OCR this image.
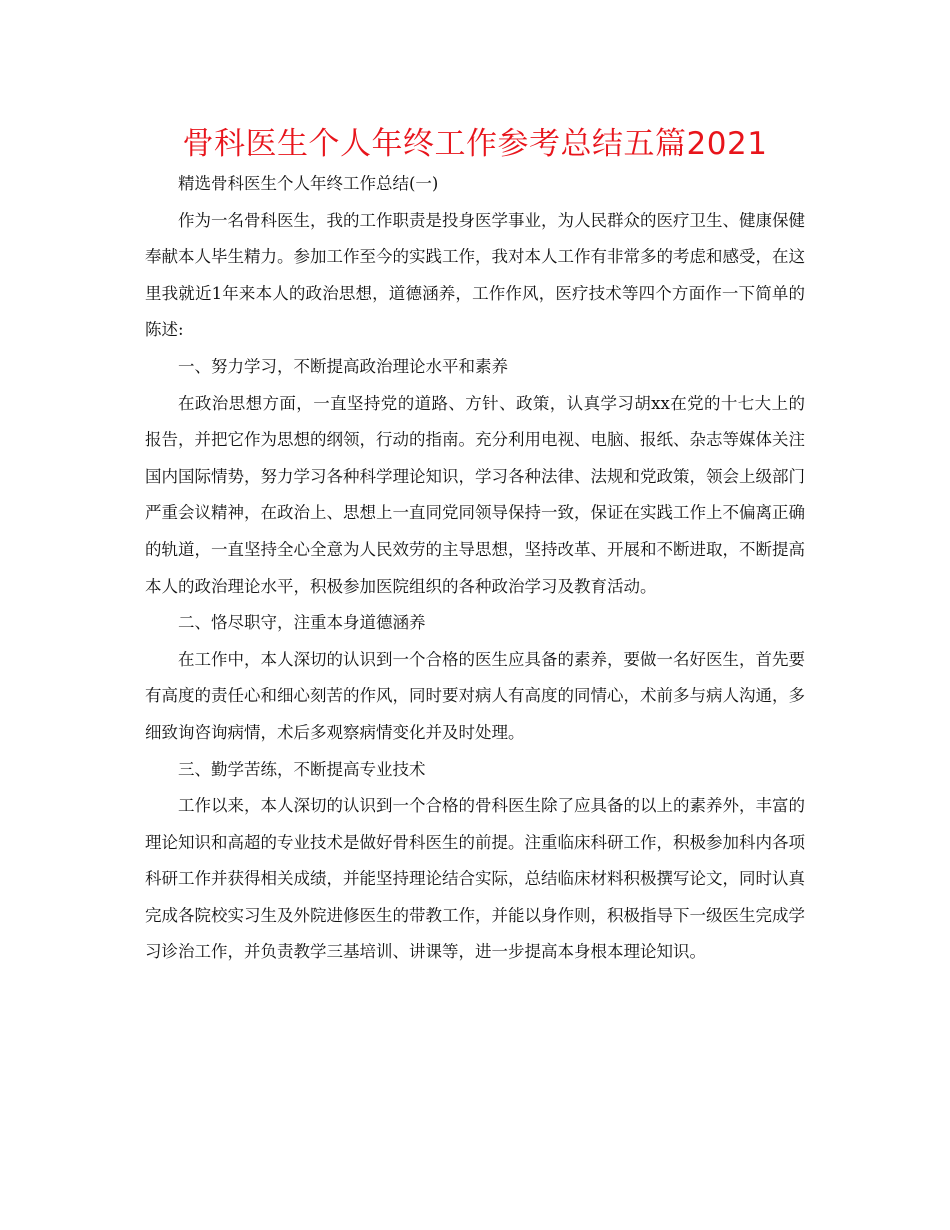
骨科医生个人年终工作参考总结五篇2021

精选骨科医生个人年终工作总结(一)

作为一名骨科医生，我的工作职责是投身医学事业，为人民群众的医疗卫生、健康保健奉献本人毕生精力。参加工作至今的实践工作，我对本人工作有非常多的考虑和感受，在这里我就近1年来本人的政治思想，道德涵养，工作作风，医疗技术等四个方面作一下简单的陈述:

一、努力学习，不断提高政治理论水平和素养

在政治思想方面，一直坚持党的道路、方针、政策，认真学习胡xx在党的十七大上的报告，并把它作为思想的纲领，行动的指南。充分利用电视、电脑、报纸、杂志等媒体关注国内国际情势，努力学习各种科学理论知识，学习各种法律、法规和党政策，领会上级部门严重会议精神，在政治上、思想上一直同党同领导保持一致，保证在实践工作上不偏离正确的轨道，一直坚持全心全意为人民效劳的主导思想，坚持改革、开展和不断进取，不断提高本人的政治理论水平，积极参加医院组织的各种政治学习及教育活动。

二、恪尽职守，注重本身道德涵养

在工作中，本人深切的认识到一个合格的医生应具备的素养，要做一名好医生，首先要有高度的责任心和细心刻苦的作风，同时要对病人有高度的同情心，术前多与病人沟通，多细致询咨询病情，术后多观察病情变化并及时处理。

三、勤学苦练，不断提高专业技术

工作以来，本人深切的认识到一个合格的骨科医生除了应具备的以上的素养外，丰富的理论知识和高超的专业技术是做好骨科医生的前提。注重临床科研工作，积极参加科内各项科研工作并获得相关成绩，并能坚持理论结合实际，总结临床材料积极撰写论文，同时认真完成各院校实习生及外院进修医生的带教工作，并能以身作则，积极指导下一级医生完成学习诊治工作，并负责教学三基培训、讲课等，进一步提高本身根本理论知识。
